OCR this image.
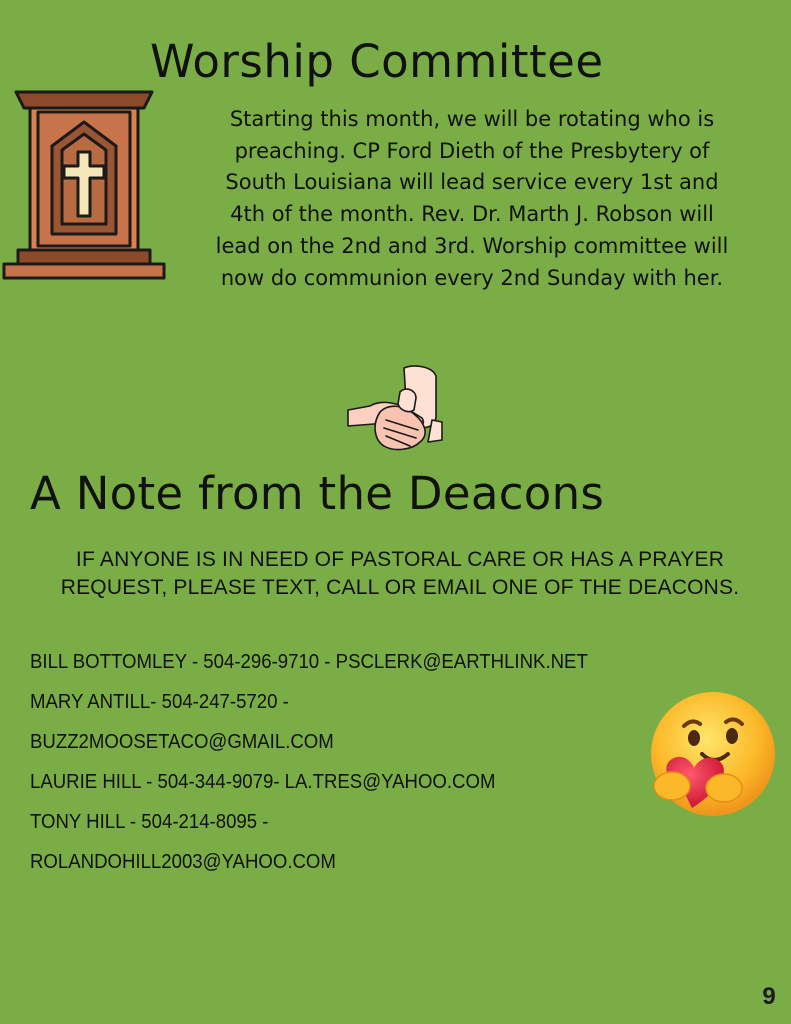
Worship Committee
Starting this month, we will be rotating who is
preaching. CP Ford Dieth of the Presbytery of
South Louisiana will lead service every 1st and
4th of the month. Rev. Dr. Marth J. Robson will
lead on the 2nd and 3rd. Worship committee will
now do communion every 2nd Sunday with her.
A Note from the Deacons
IF ANYONE IS IN NEED OF PASTORAL CARE OR HAS A PRAYER
REQUEST, PLEASE TEXT, CALL OR EMAIL ONE OF THE DEACONS.
BILL BOTTOMLEY - 504-296-9710 - PSCLERK@EARTHLINK.NET
MARY ANTILL- 504-247-5720 -
BUZZ2MOOSETACO@GMAIL.COM
LAURIE HILL - 504-344-9079- LA.TRES@YAHOO.COM
TONY HILL - 504-214-8095 -
ROLANDOHILL2003@YAHOO.COM
9
